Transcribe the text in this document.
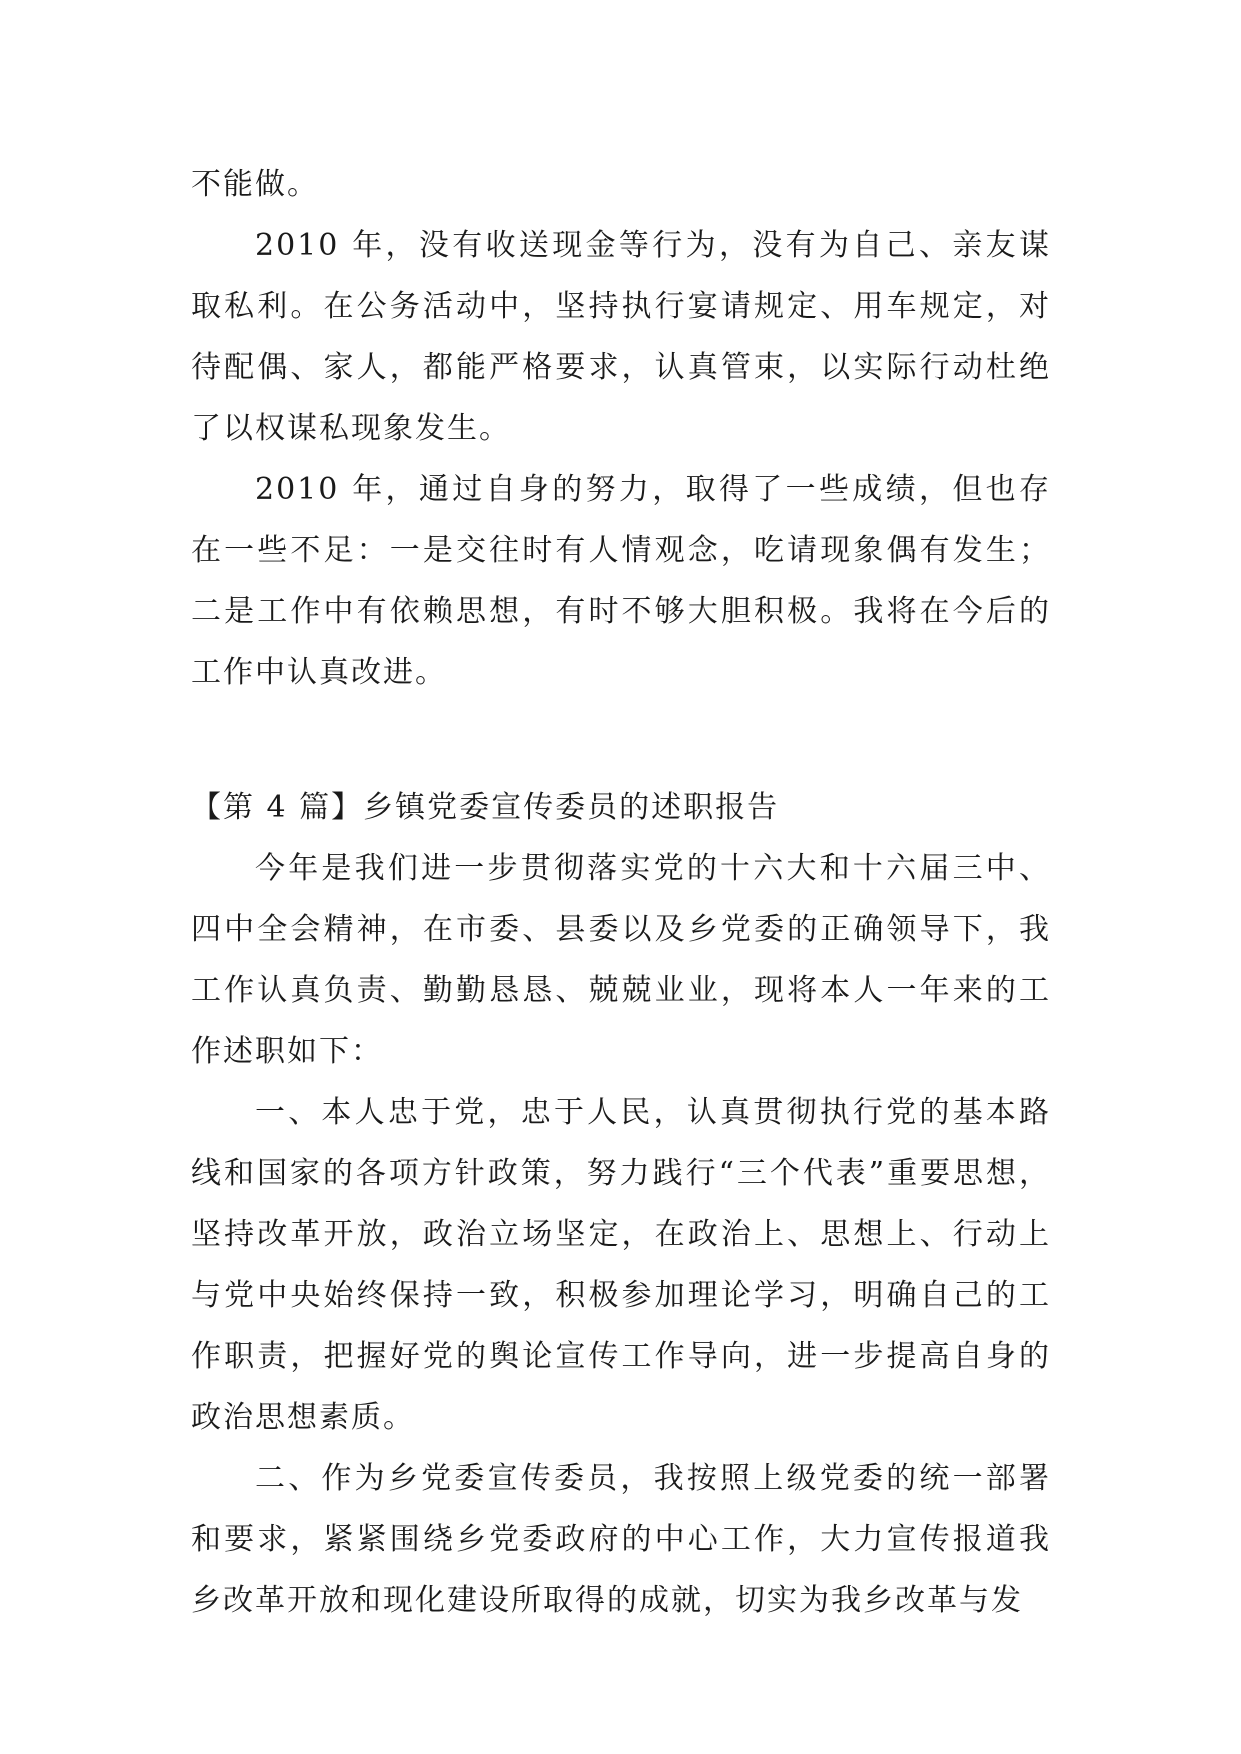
不能做。

2010 年，没有收送现金等行为，没有为自己、亲友谋取私利。在公务活动中，坚持执行宴请规定、用车规定，对待配偶、家人，都能严格要求，认真管束，以实际行动杜绝了以权谋私现象发生。

2010 年，通过自身的努力，取得了一些成绩，但也存在一些不足：一是交往时有人情观念，吃请现象偶有发生；二是工作中有依赖思想，有时不够大胆积极。我将在今后的工作中认真改进。

【第 4 篇】乡镇党委宣传委员的述职报告

今年是我们进一步贯彻落实党的十六大和十六届三中、四中全会精神，在市委、县委以及乡党委的正确领导下，我工作认真负责、勤勤恳恳、兢兢业业，现将本人一年来的工作述职如下：

一、本人忠于党，忠于人民，认真贯彻执行党的基本路线和国家的各项方针政策，努力践行“三个代表”重要思想，坚持改革开放，政治立场坚定，在政治上、思想上、行动上与党中央始终保持一致，积极参加理论学习，明确自己的工作职责，把握好党的舆论宣传工作导向，进一步提高自身的政治思想素质。

二、作为乡党委宣传委员，我按照上级党委的统一部署和要求，紧紧围绕乡党委政府的中心工作，大力宣传报道我乡改革开放和现化建设所取得的成就，切实为我乡改革与发
